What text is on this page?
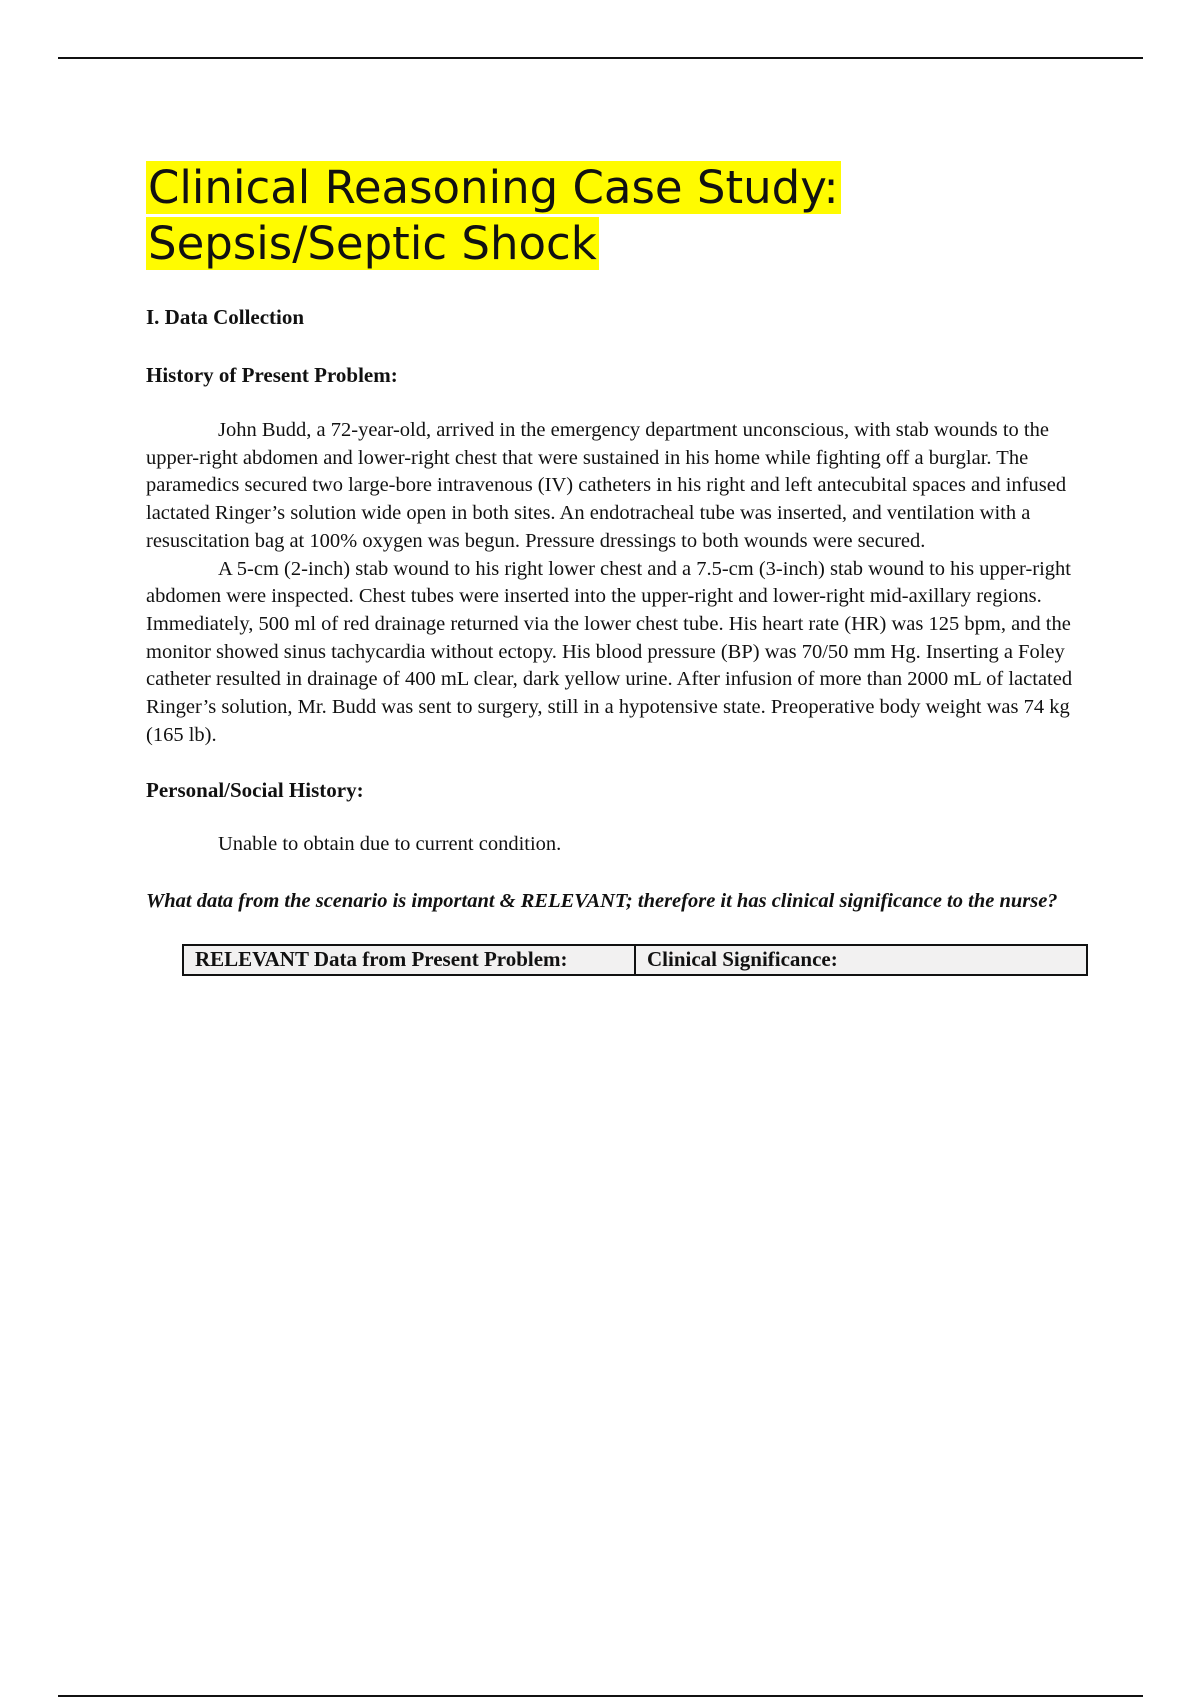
Clinical Reasoning Case Study:
Sepsis/Septic Shock

I. Data Collection

History of Present Problem:

John Budd, a 72-year-old, arrived in the emergency department unconscious, with stab wounds to the upper-right abdomen and lower-right chest that were sustained in his home while fighting off a burglar. The paramedics secured two large-bore intravenous (IV) catheters in his right and left antecubital spaces and infused lactated Ringer’s solution wide open in both sites. An endotracheal tube was inserted, and ventilation with a resuscitation bag at 100% oxygen was begun. Pressure dressings to both wounds were secured.

A 5-cm (2-inch) stab wound to his right lower chest and a 7.5-cm (3-inch) stab wound to his upper-right abdomen were inspected. Chest tubes were inserted into the upper-right and lower-right mid-axillary regions. Immediately, 500 ml of red drainage returned via the lower chest tube. His heart rate (HR) was 125 bpm, and the monitor showed sinus tachycardia without ectopy. His blood pressure (BP) was 70/50 mm Hg. Inserting a Foley catheter resulted in drainage of 400 mL clear, dark yellow urine. After infusion of more than 2000 mL of lactated Ringer’s solution, Mr. Budd was sent to surgery, still in a hypotensive state. Preoperative body weight was 74 kg (165 lb).

Personal/Social History:

Unable to obtain due to current condition.

What data from the scenario is important & RELEVANT; therefore it has clinical significance to the nurse?

RELEVANT Data from Present Problem:	Clinical Significance:
